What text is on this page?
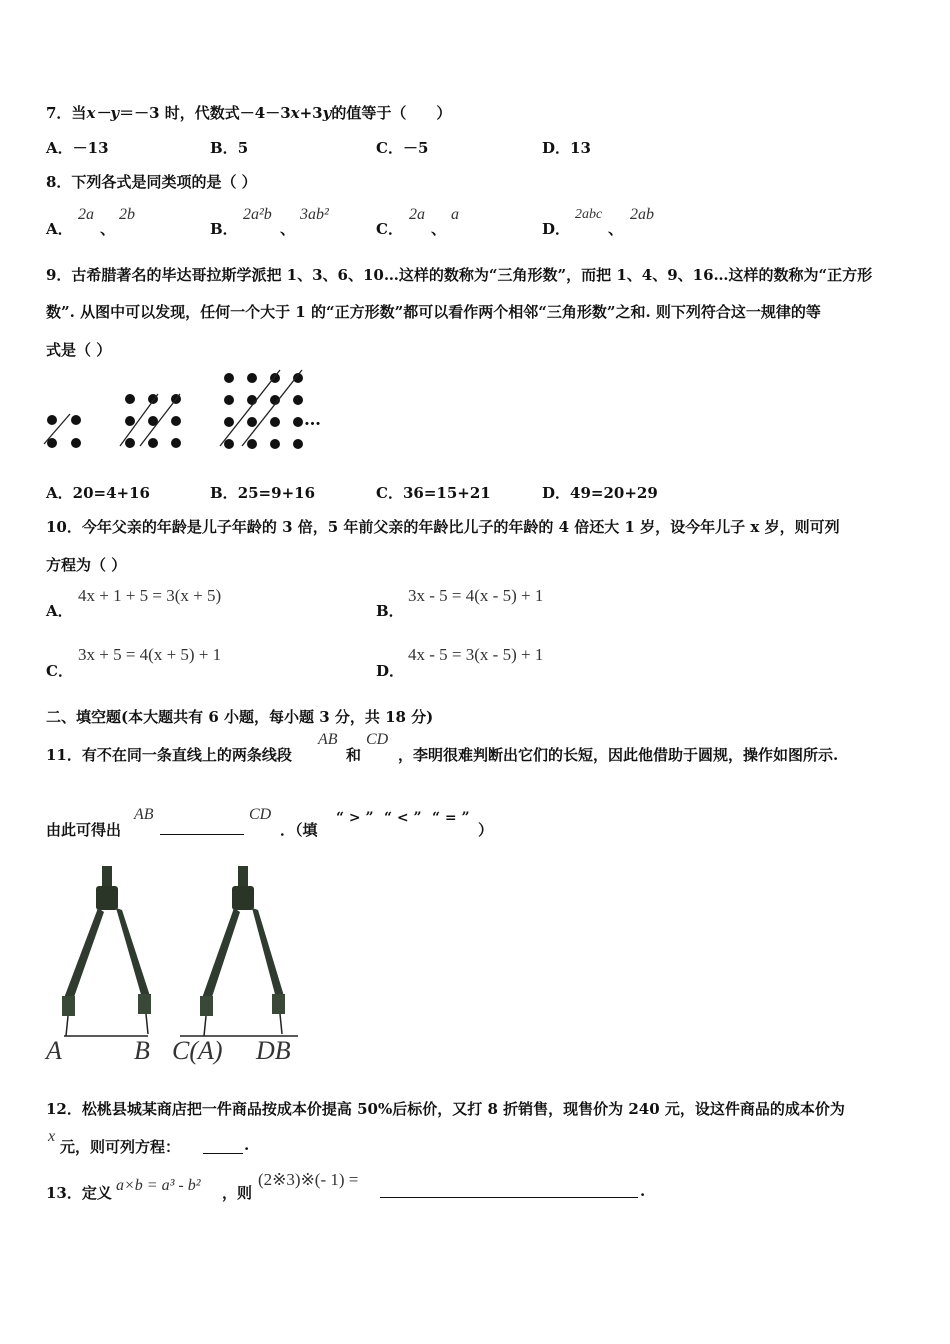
7．当x－y＝－3 时，代数式－4－3x+3y的值等于（　　）
A．－13	B．5	C．－5	D．13
8．下列各式是同类项的是（ ）
A．
2a
、
2b
B．
2a²b
、
3ab²
C．
2a
、
a
D．
2abc
、
2ab
9．古希腊著名的毕达哥拉斯学派把 1、3、6、10…这样的数称为“三角形数”，而把 1、4、9、16…这样的数称为“正方形
数”. 从图中可以发现，任何一个大于 1 的“正方形数”都可以看作两个相邻“三角形数”之和. 则下列符合这一规律的等
式是（ ）
…
A．20=4+16	B．25=9+16	C．36=15+21	D．49=20+29
10．今年父亲的年龄是儿子年龄的 3 倍，5 年前父亲的年龄比儿子的年龄的 4 倍还大 1 岁，设今年儿子 x 岁，则可列
方程为（ ）
A．
4x + 1 + 5 = 3(x + 5)
B．
3x - 5 = 4(x - 5) + 1
C．
3x + 5 = 4(x + 5) + 1
D．
4x - 5 = 3(x - 5) + 1
二、填空题(本大题共有 6 小题，每小题 3 分，共 18 分)
11．有不在同一条直线上的两条线段
AB
和
CD
，李明很难判断出它们的长短，因此他借助于圆规，操作如图所示.
由此可得出
AB	CD
．（填
“ > ” “ < ” “ = ”
）
A	B C(A) DB
12．松桃县城某商店把一件商品按成本价提高 50%后标价，又打 8 折销售，现售价为 240 元，设这件商品的成本价为
x
元，则可列方程：	.
13．定义 a×b = a³ - b² ，则
(2※3)※(- 1) =
.
